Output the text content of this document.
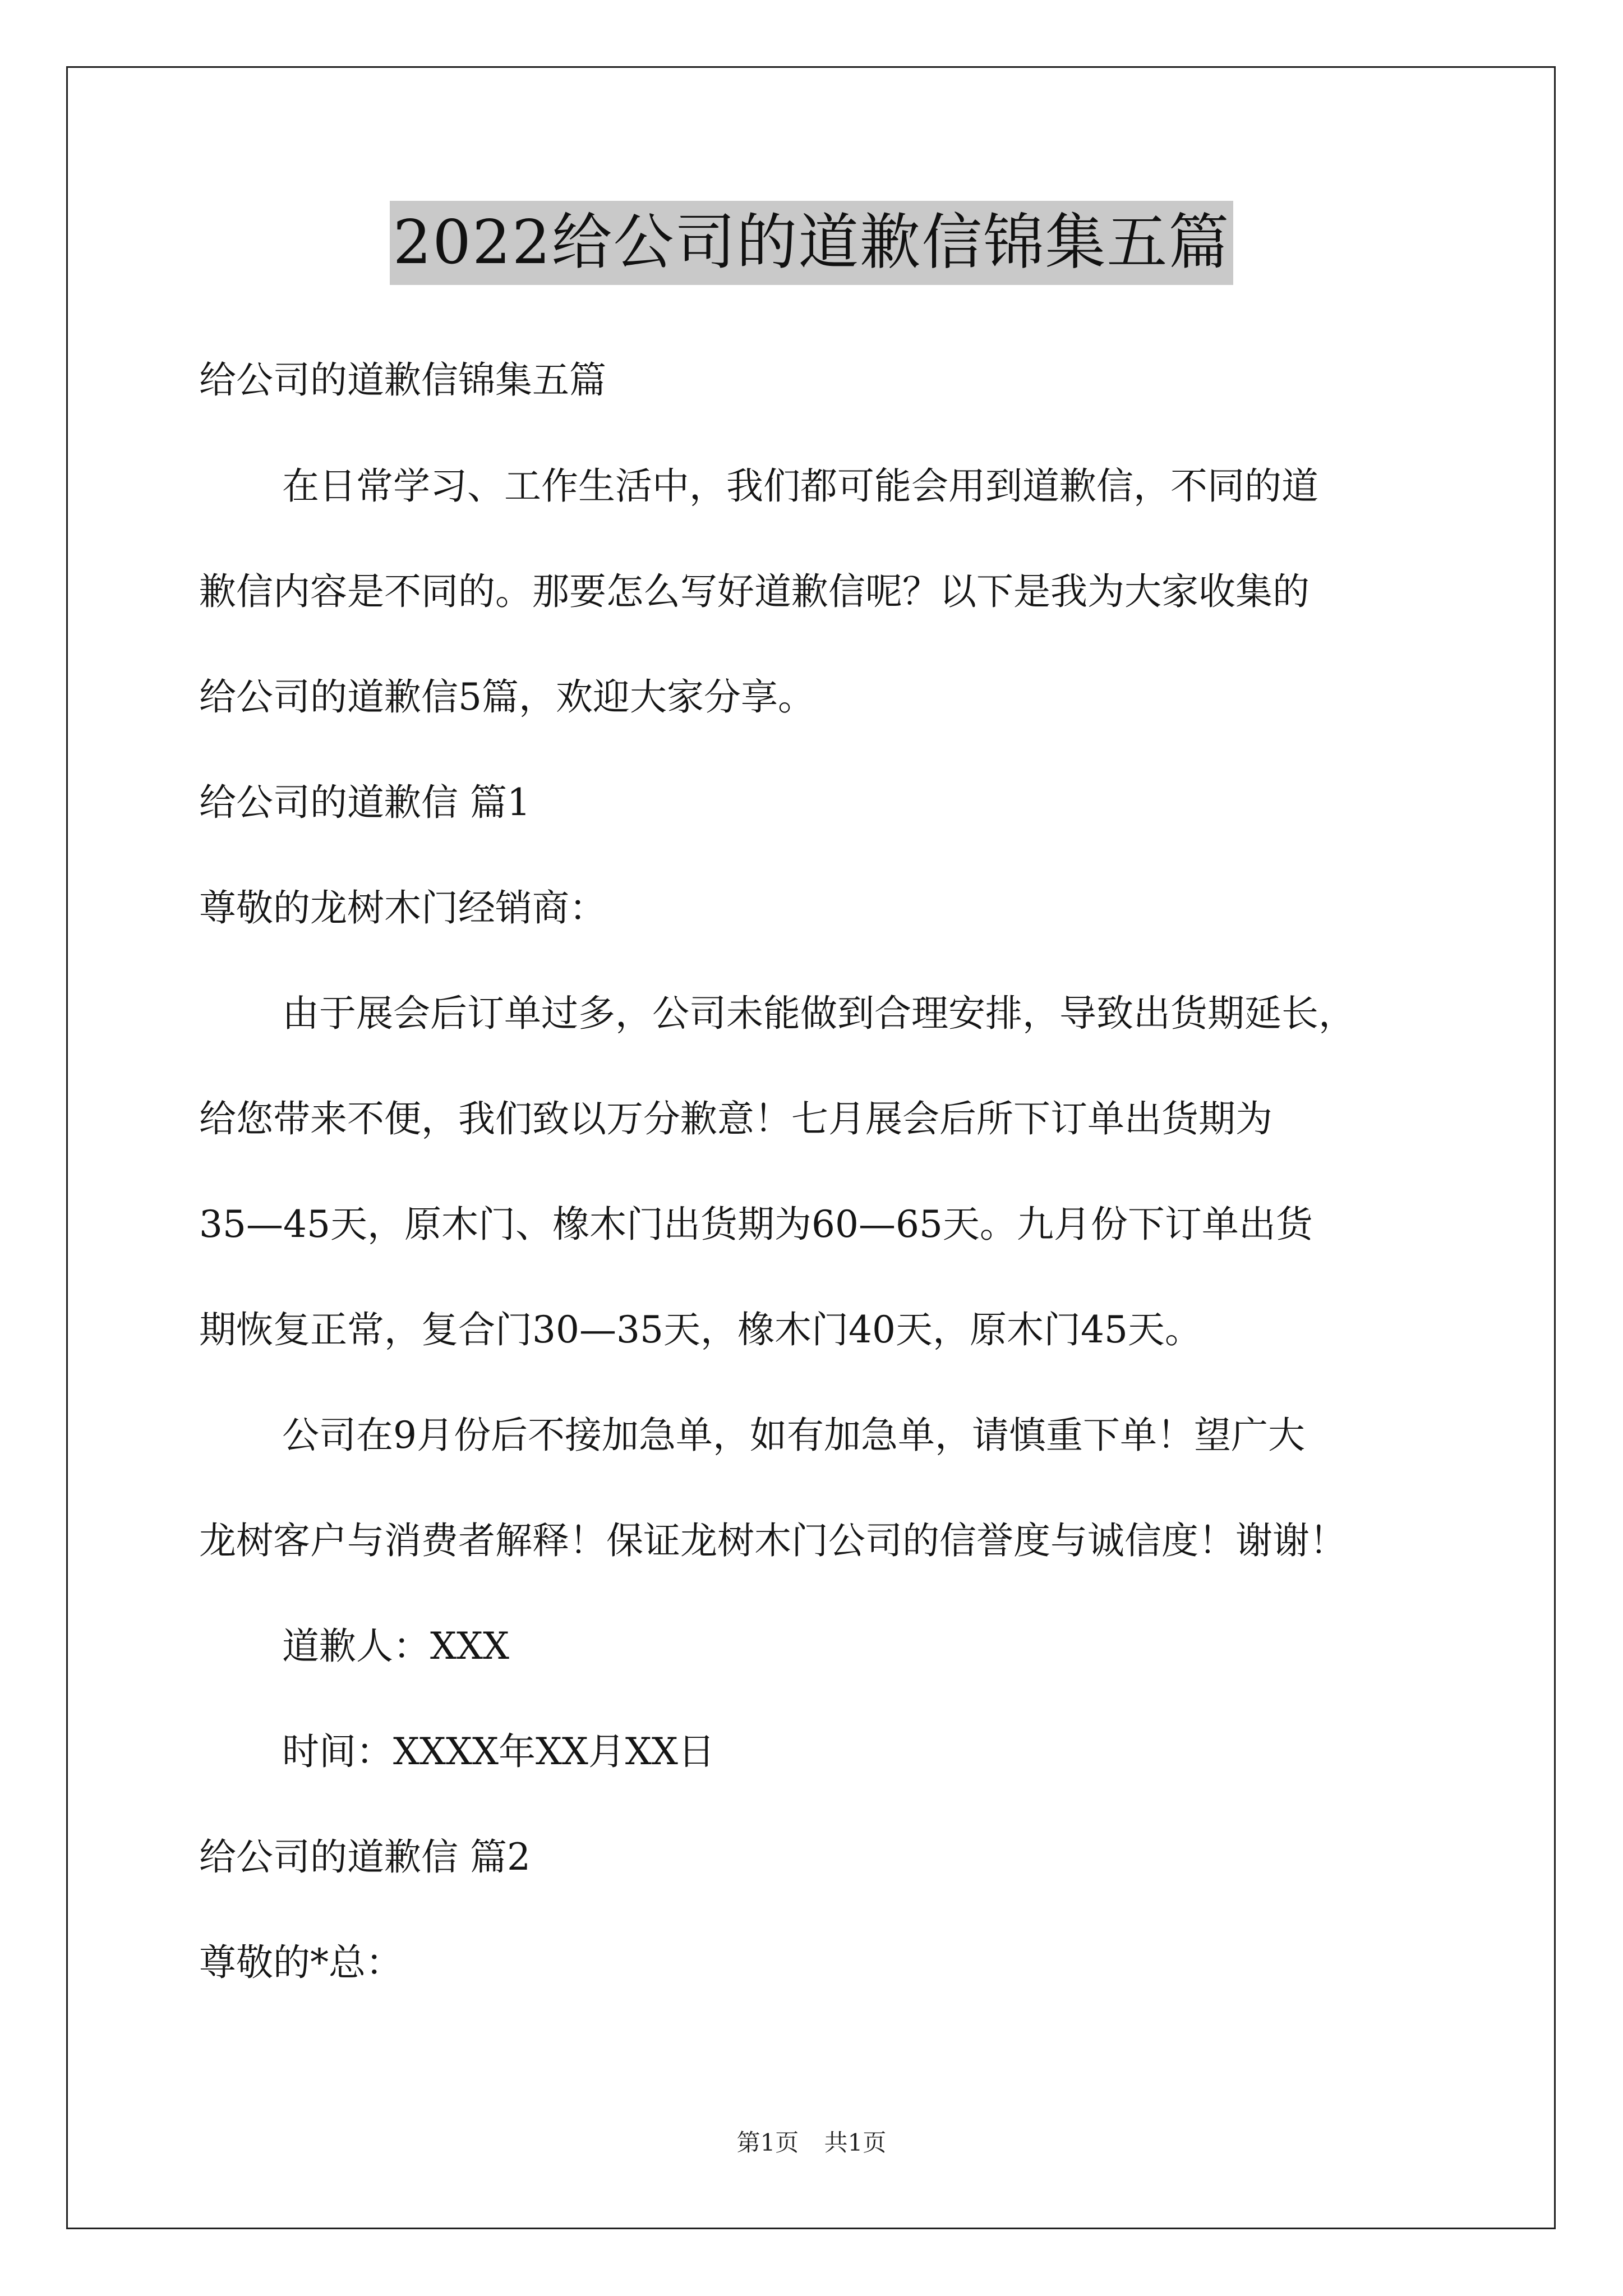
2022给公司的道歉信锦集五篇
给公司的道歉信锦集五篇
在日常学习、工作生活中，我们都可能会用到道歉信，不同的道
歉信内容是不同的。那要怎么写好道歉信呢？以下是我为大家收集的
给公司的道歉信5篇，欢迎大家分享。
给公司的道歉信 篇1
尊敬的龙树木门经销商：
由于展会后订单过多，公司未能做到合理安排，导致出货期延长，
给您带来不便，我们致以万分歉意！七月展会后所下订单出货期为
35—45天，原木门、橡木门出货期为60—65天。九月份下订单出货
期恢复正常，复合门30—35天，橡木门40天，原木门45天。
公司在9月份后不接加急单，如有加急单，请慎重下单！望广大
龙树客户与消费者解释！保证龙树木门公司的信誉度与诚信度！谢谢！
道歉人：XXX
时间：XXXX年XX月XX日
给公司的道歉信 篇2
尊敬的*总：
第1页 共1页
